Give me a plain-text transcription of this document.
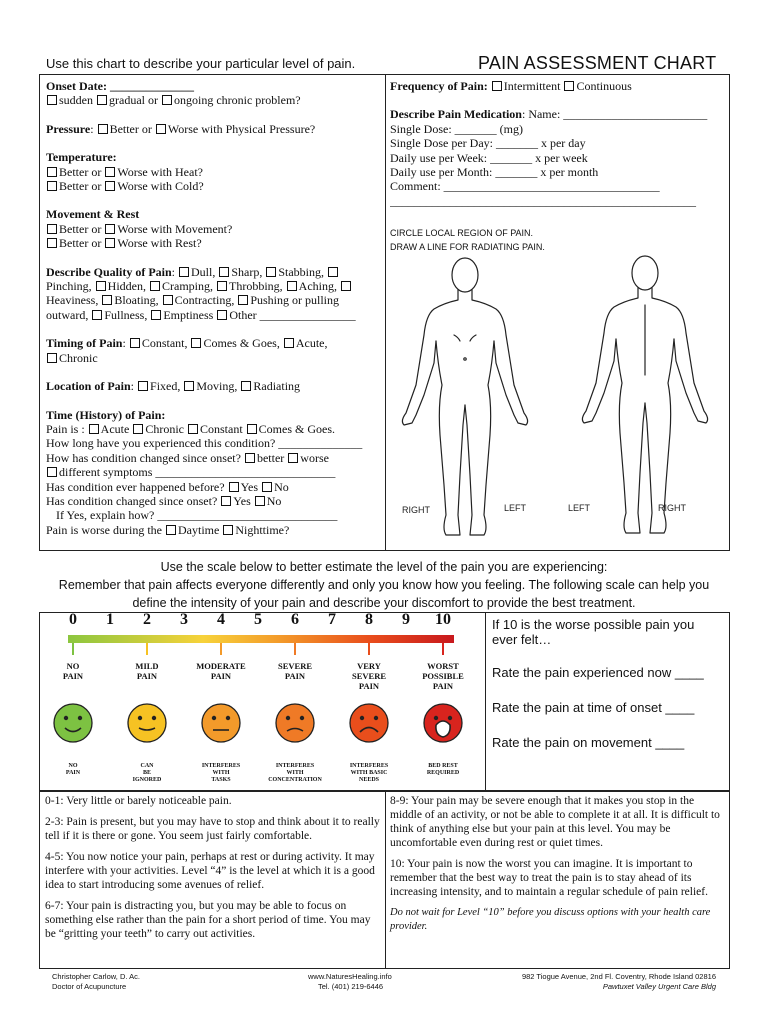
Use this chart to describe your particular level of pain.	PAIN ASSESSMENT CHART

Onset Date: ______________

sudden gradual or ongoing chronic problem?

Pressure: Better or Worse with Physical Pressure?

Temperature:

Better or Worse with Heat?

Better or Worse with Cold?

Movement & Rest

Better or Worse with Movement?

Better or Worse with Rest?

Describe Quality of Pain: Dull, Sharp, Stabbing,

Pinching, Hidden, Cramping, Throbbing, Aching,

Heaviness, Bloating, Contracting, Pushing or pulling outward, Fullness, Emptiness Other ________________

Timing of Pain: Constant, Comes & Goes, Acute,

Chronic

Location of Pain: Fixed, Moving, Radiating

Time (History) of Pain:

Pain is : Acute Chronic Constant Comes & Goes.

How long have you experienced this condition? ______________

How has condition changed since onset? better worse

different symptoms ______________________________

Has condition ever happened before? Yes No

Has condition changed since onset? Yes No

If Yes, explain how? ______________________________

Pain is worse during the Daytime Nighttime?

Frequency of Pain: Intermittent Continuous

Describe Pain Medication: Name: ________________________

Single Dose: _______ (mg)

Single Dose per Day: _______ x per day

Daily use per Week: _______ x per week

Daily use per Month: _______ x per month

Comment: ____________________________________

___________________________________________________

CIRCLE LOCAL REGION OF PAIN.
DRAW A LINE FOR RADIATING PAIN.
RIGHT	LEFT	LEFT	RIGHT
Use the scale below to better estimate the level of the pain you are experiencing:
Remember that pain affects everyone differently and only you know how you feeling. The following scale can help you
define the intensity of your pain and describe your discomfort to provide the best treatment.
0	1	2	3	4	5	6	7	8	9	10
NO
PAIN
NO
PAIN
MILD
PAIN
CAN
BE
IGNORED
MODERATE
PAIN
INTERFERES
WITH
TASKS
SEVERE
PAIN
INTERFERES
WITH
CONCENTRATION
VERY
SEVERE
PAIN
INTERFERES
WITH BASIC
NEEDS
WORST
POSSIBLE
PAIN
BED REST
REQUIRED

If 10 is the worse possible pain you

ever felt…

Rate the pain experienced now ____

Rate the pain at time of onset ____

Rate the pain on movement ____

0-1: Very little or barely noticeable pain.

2-3: Pain is present, but you may have to stop and think about it to really tell if it is there or gone. You seem just fairly comfortable.

4-5: You now notice your pain, perhaps at rest or during activity. It may interfere with your activities. Level “4” is the level at which it is a good idea to start introducing some avenues of relief.

6-7: Your pain is distracting you, but you may be able to focus on something else rather than the pain for a short period of time. You may be “gritting your teeth” to carry out activities.

8-9: Your pain may be severe enough that it makes you stop in the middle of an activity, or not be able to complete it at all. It is difficult to think of anything else but your pain at this level. You may be uncomfortable even during rest or quiet times.

10: Your pain is now the worst you can imagine. It is important to remember that the best way to treat the pain is to stay ahead of its increasing intensity, and to maintain a regular schedule of pain relief.

Do not wait for Level “10” before you discuss options with your health care provider.

Christopher Carlow, D. Ac.
Doctor of Acupuncture
www.NaturesHealing.info
Tel. (401) 219-6446
982 Tiogue Avenue, 2nd Fl. Coventry, Rhode Island 02816
Pawtuxet Valley Urgent Care Bldg
